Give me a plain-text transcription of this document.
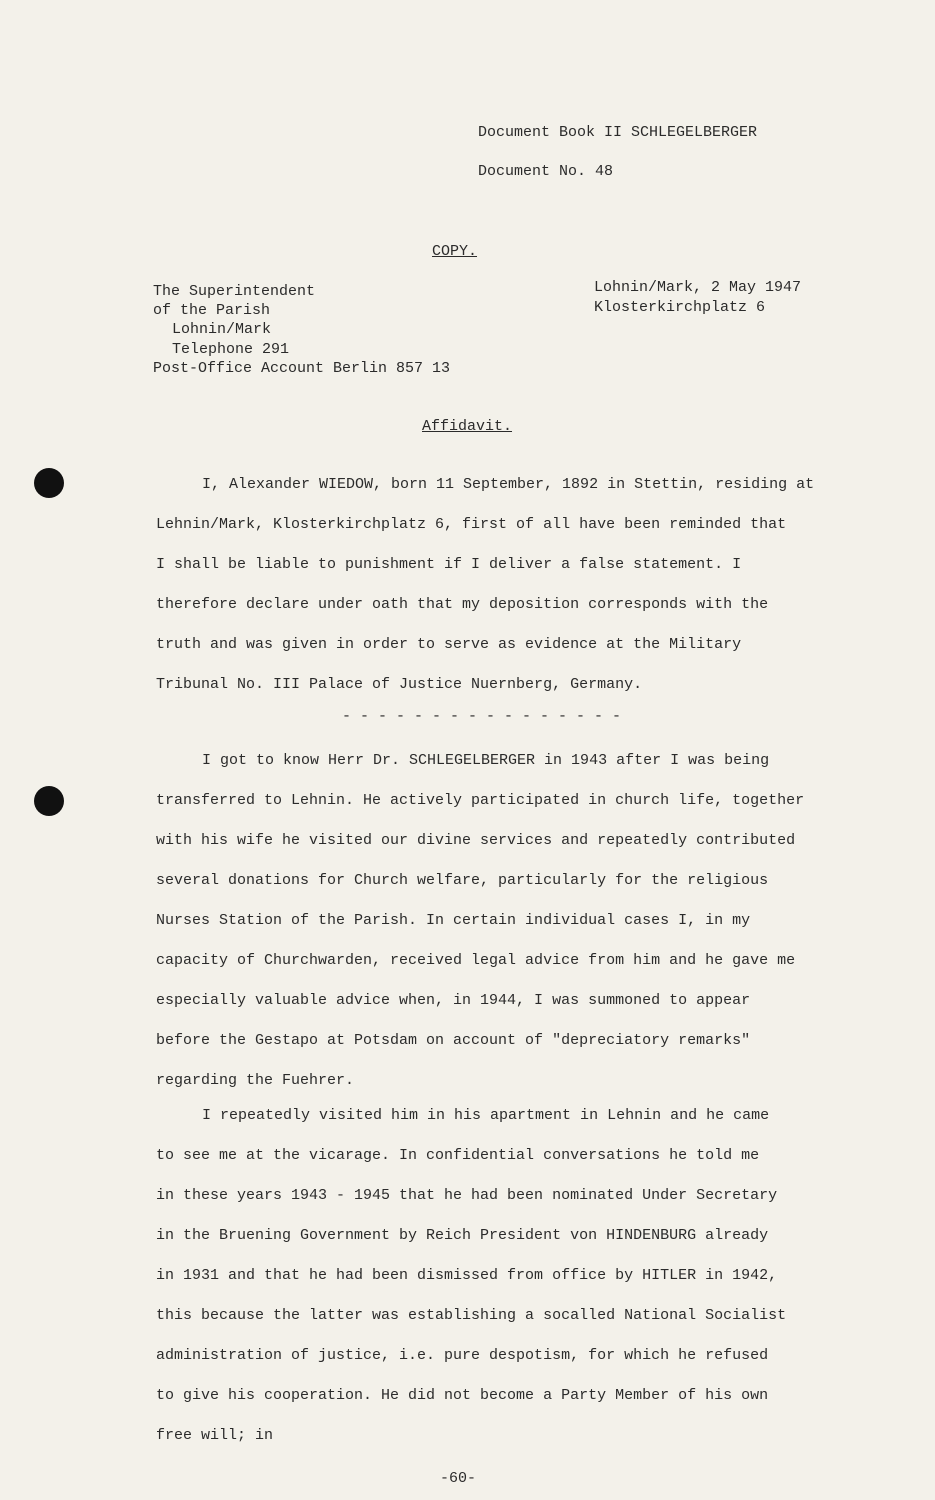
Document Book II SCHLEGELBERGER
Document No. 48
COPY.
The Superintendent
of the Parish
Lohnin/Mark
Telephone 291
Post-Office Account Berlin 857 13
Lohnin/Mark, 2 May 1947
Klosterkirchplatz 6
Affidavit.
I, Alexander WIEDOW, born 11 September, 1892 in Stettin, residing at
Lehnin/Mark, Klosterkirchplatz 6, first of all have been reminded that
I shall be liable to punishment if I deliver a false statement. I
therefore declare under oath that my deposition corresponds with the
truth and was given in order to serve as evidence at the Military
Tribunal No. III Palace of Justice Nuernberg, Germany.
- - - - - - - - - - - - - - - -
I got to know Herr Dr. SCHLEGELBERGER in 1943 after I was being
transferred to Lehnin. He actively participated in church life, together
with his wife he visited our divine services and repeatedly contributed
several donations for Church welfare, particularly for the religious
Nurses Station of the Parish. In certain individual cases I, in my
capacity of Churchwarden, received legal advice from him and he gave me
especially valuable advice when, in 1944, I was summoned to appear
before the Gestapo at Potsdam on account of "depreciatory remarks"
regarding the Fuehrer.
I repeatedly visited him in his apartment in Lehnin and he came
to see me at the vicarage. In confidential conversations he told me
in these years 1943 - 1945 that he had been nominated Under Secretary
in the Bruening Government by Reich President von HINDENBURG already
in 1931 and that he had been dismissed from office by HITLER in 1942,
this because the latter was establishing a socalled National Socialist
administration of justice, i.e. pure despotism, for which he refused
to give his cooperation. He did not become a Party Member of his own
free will; in
-60-
